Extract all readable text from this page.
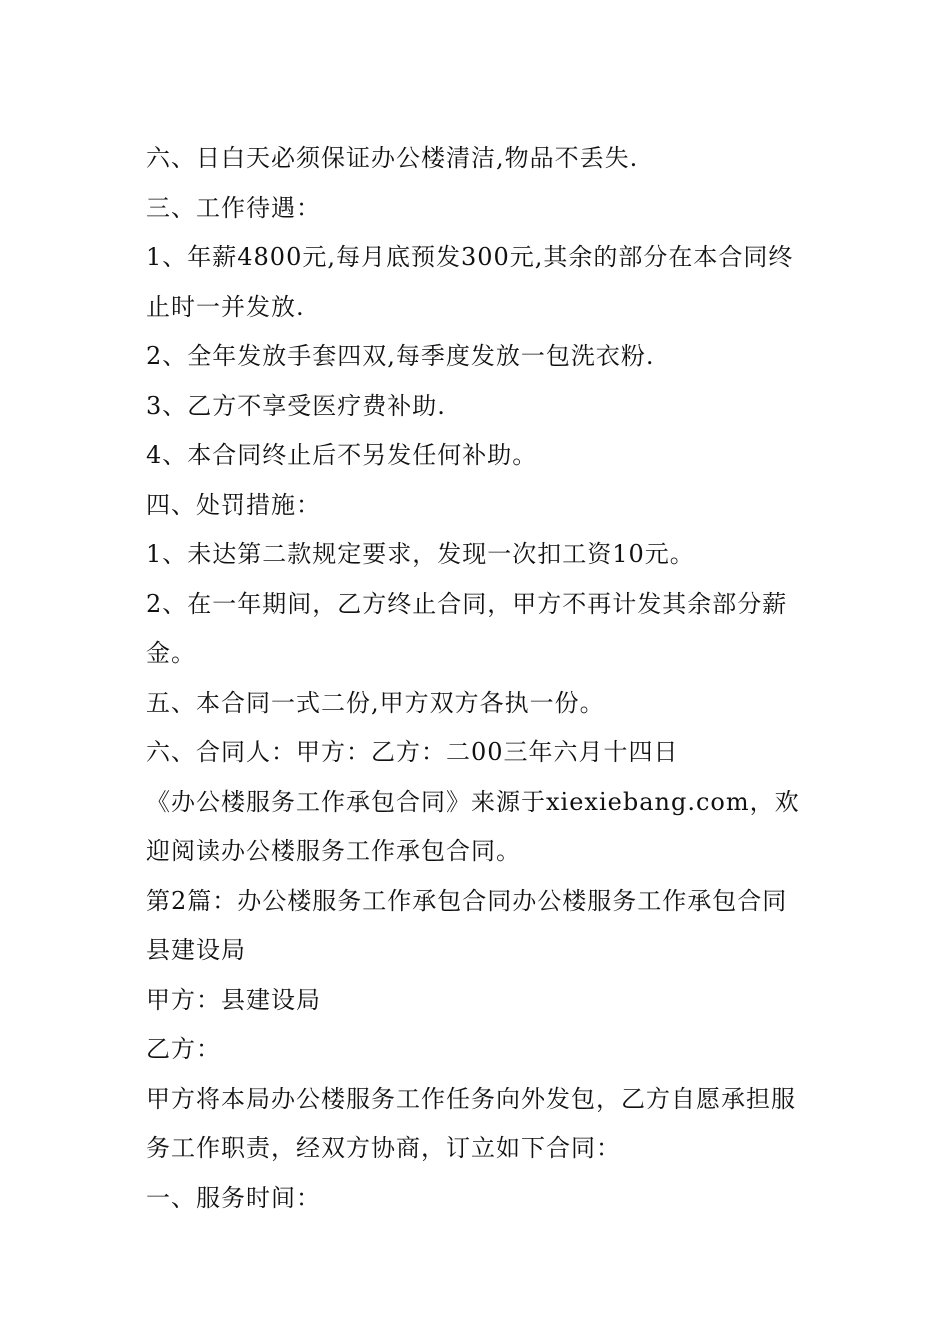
六、日白天必须保证办公楼清洁,物品不丢失.

三、工作待遇：

1、年薪4800元,每月底预发300元,其余的部分在本合同终止时一并发放.

2、全年发放手套四双,每季度发放一包洗衣粉.

3、乙方不享受医疗费补助.

4、本合同终止后不另发任何补助。

四、处罚措施：

1、未达第二款规定要求，发现一次扣工资10元。

2、在一年期间，乙方终止合同，甲方不再计发其余部分薪金。

五、本合同一式二份,甲方双方各执一份。

六、合同人：甲方：乙方：二00三年六月十四日

《办公楼服务工作承包合同》来源于xiexiebang.com，欢迎阅读办公楼服务工作承包合同。

第2篇：办公楼服务工作承包合同办公楼服务工作承包合同县建设局

甲方：县建设局

乙方：

甲方将本局办公楼服务工作任务向外发包，乙方自愿承担服务工作职责，经双方协商，订立如下合同：

一、服务时间：
